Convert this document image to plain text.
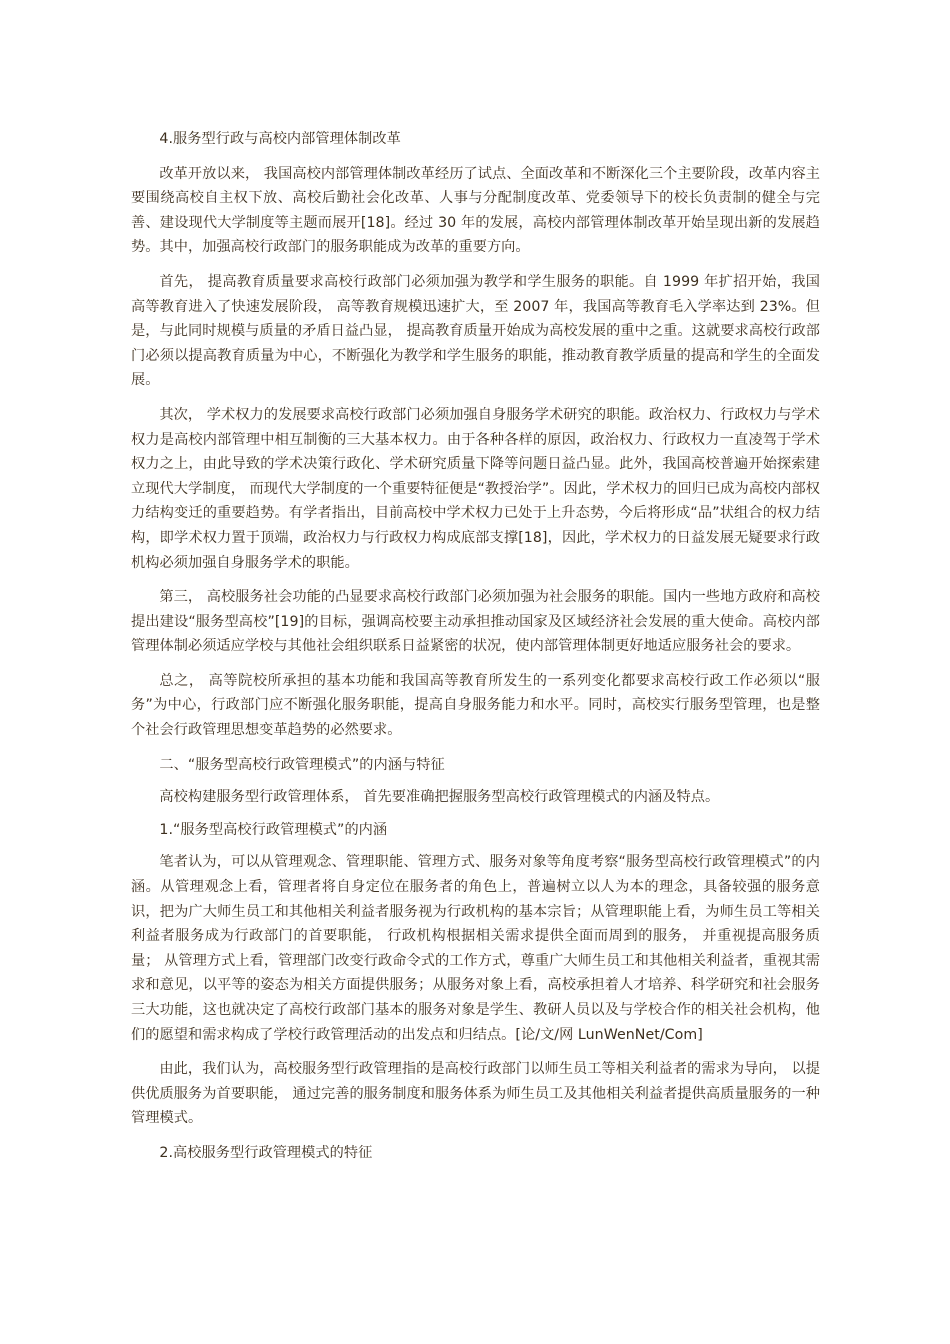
4.服务型行政与高校内部管理体制改革

改革开放以来， 我国高校内部管理体制改革经历了试点、全面改革和不断深化三个主要阶段，改革内容主要围绕高校自主权下放、高校后勤社会化改革、人事与分配制度改革、党委领导下的校长负责制的健全与完善、建设现代大学制度等主题而展开[18]。经过 30 年的发展，高校内部管理体制改革开始呈现出新的发展趋势。其中，加强高校行政部门的服务职能成为改革的重要方向。

首先， 提高教育质量要求高校行政部门必须加强为教学和学生服务的职能。自 1999 年扩招开始，我国高等教育进入了快速发展阶段， 高等教育规模迅速扩大，至 2007 年，我国高等教育毛入学率达到 23%。但是，与此同时规模与质量的矛盾日益凸显， 提高教育质量开始成为高校发展的重中之重。这就要求高校行政部门必须以提高教育质量为中心，不断强化为教学和学生服务的职能，推动教育教学质量的提高和学生的全面发展。

其次， 学术权力的发展要求高校行政部门必须加强自身服务学术研究的职能。政治权力、行政权力与学术权力是高校内部管理中相互制衡的三大基本权力。由于各种各样的原因，政治权力、行政权力一直凌驾于学术权力之上，由此导致的学术决策行政化、学术研究质量下降等问题日益凸显。此外，我国高校普遍开始探索建立现代大学制度， 而现代大学制度的一个重要特征便是“教授治学”。因此，学术权力的回归已成为高校内部权力结构变迁的重要趋势。有学者指出，目前高校中学术权力已处于上升态势，今后将形成“品”状组合的权力结构，即学术权力置于顶端，政治权力与行政权力构成底部支撑[18]，因此，学术权力的日益发展无疑要求行政机构必须加强自身服务学术的职能。

第三， 高校服务社会功能的凸显要求高校行政部门必须加强为社会服务的职能。国内一些地方政府和高校提出建设“服务型高校”[19]的目标，强调高校要主动承担推动国家及区域经济社会发展的重大使命。高校内部管理体制必须适应学校与其他社会组织联系日益紧密的状况，使内部管理体制更好地适应服务社会的要求。

总之， 高等院校所承担的基本功能和我国高等教育所发生的一系列变化都要求高校行政工作必须以“服务”为中心，行政部门应不断强化服务职能，提高自身服务能力和水平。同时，高校实行服务型管理，也是整个社会行政管理思想变革趋势的必然要求。

二、“服务型高校行政管理模式”的内涵与特征

高校构建服务型行政管理体系， 首先要准确把握服务型高校行政管理模式的内涵及特点。

1.“服务型高校行政管理模式”的内涵

笔者认为，可以从管理观念、管理职能、管理方式、服务对象等角度考察“服务型高校行政管理模式”的内涵。从管理观念上看，管理者将自身定位在服务者的角色上，普遍树立以人为本的理念，具备较强的服务意识，把为广大师生员工和其他相关利益者服务视为行政机构的基本宗旨；从管理职能上看，为师生员工等相关利益者服务成为行政部门的首要职能， 行政机构根据相关需求提供全面而周到的服务， 并重视提高服务质量； 从管理方式上看，管理部门改变行政命令式的工作方式，尊重广大师生员工和其他相关利益者，重视其需求和意见，以平等的姿态为相关方面提供服务；从服务对象上看，高校承担着人才培养、科学研究和社会服务三大功能，这也就决定了高校行政部门基本的服务对象是学生、教研人员以及与学校合作的相关社会机构，他们的愿望和需求构成了学校行政管理活动的出发点和归结点。[论/文/网 LunWenNet/Com]

由此，我们认为，高校服务型行政管理指的是高校行政部门以师生员工等相关利益者的需求为导向， 以提供优质服务为首要职能， 通过完善的服务制度和服务体系为师生员工及其他相关利益者提供高质量服务的一种管理模式。

2.高校服务型行政管理模式的特征
